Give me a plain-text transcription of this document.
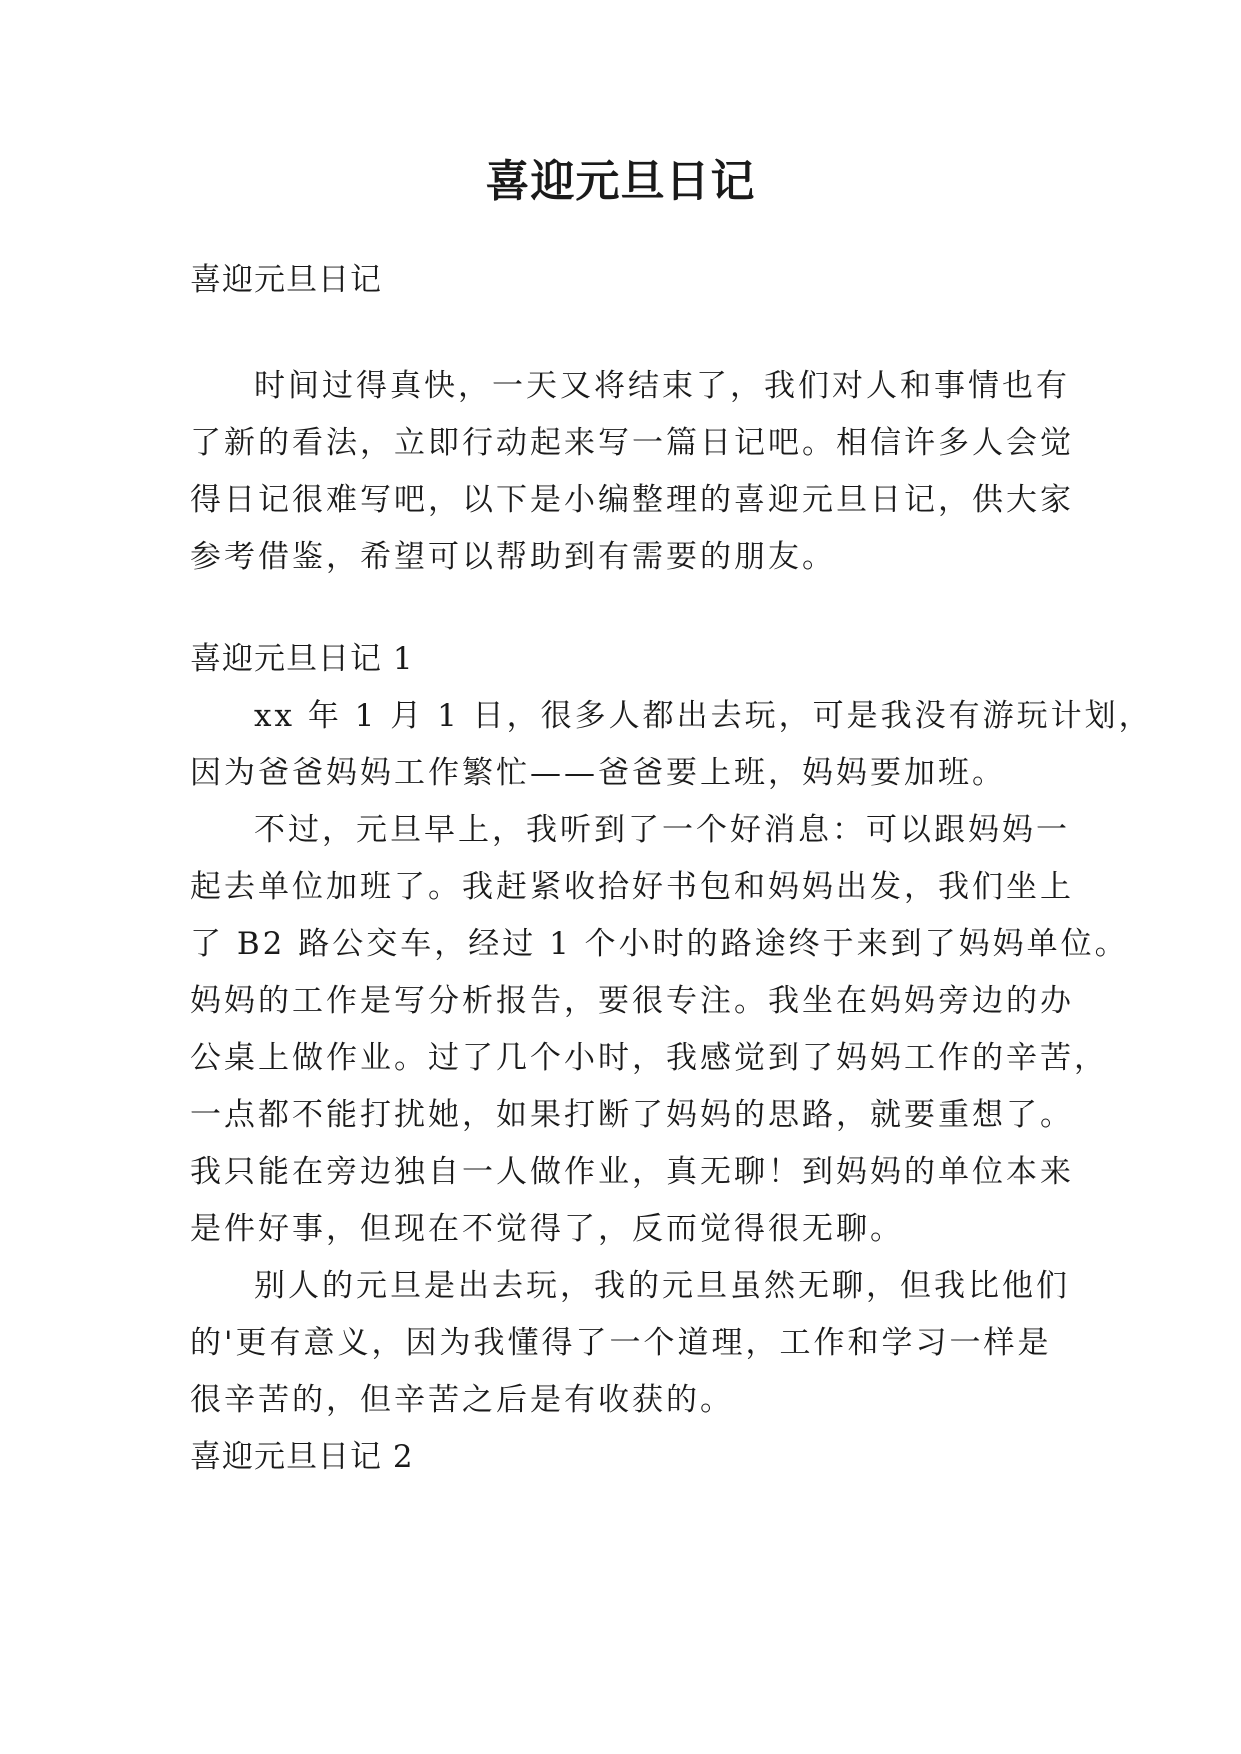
喜迎元旦日记

喜迎元旦日记

时间过得真快，一天又将结束了，我们对人和事情也有

了新的看法，立即行动起来写一篇日记吧。相信许多人会觉

得日记很难写吧，以下是小编整理的喜迎元旦日记，供大家

参考借鉴，希望可以帮助到有需要的朋友。

喜迎元旦日记 1

xx 年 1 月 1 日，很多人都出去玩，可是我没有游玩计划，

因为爸爸妈妈工作繁忙——爸爸要上班，妈妈要加班。

不过，元旦早上，我听到了一个好消息：可以跟妈妈一

起去单位加班了。我赶紧收拾好书包和妈妈出发，我们坐上

了 B2 路公交车，经过 1 个小时的路途终于来到了妈妈单位。

妈妈的工作是写分析报告，要很专注。我坐在妈妈旁边的办

公桌上做作业。过了几个小时，我感觉到了妈妈工作的辛苦，

一点都不能打扰她，如果打断了妈妈的思路，就要重想了。

我只能在旁边独自一人做作业，真无聊！到妈妈的单位本来

是件好事，但现在不觉得了，反而觉得很无聊。

别人的元旦是出去玩，我的元旦虽然无聊，但我比他们

的'更有意义，因为我懂得了一个道理，工作和学习一样是

很辛苦的，但辛苦之后是有收获的。

喜迎元旦日记 2
